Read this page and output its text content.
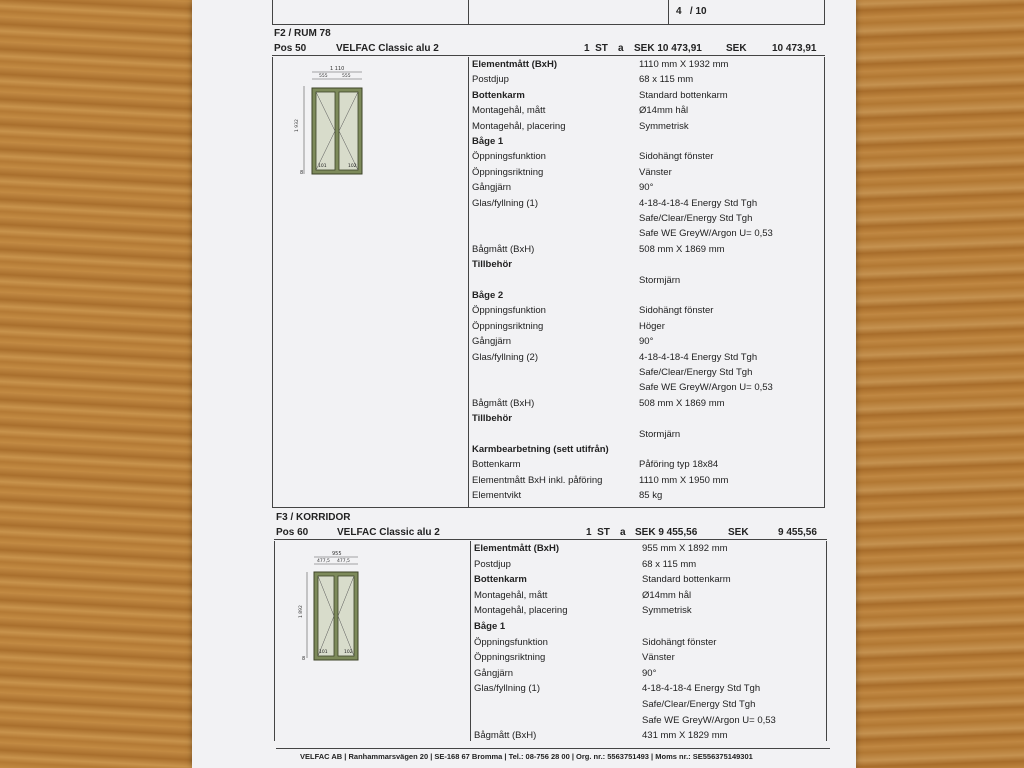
4 / 10
F2 / RUM 78
Pos 50	VELFAC Classic alu 2	1 ST a SEK 10 473,91 SEK	10 473,91
1 110
555	555
1 932
8
101	102
Elementmått (BxH)	1110 mm X 1932 mm
Postdjup	68 x 115 mm
Bottenkarm	Standard bottenkarm
Montagehål, mått	Ø14mm hål
Montagehål, placering	Symmetrisk
Båge 1
Öppningsfunktion	Sidohängt fönster
Öppningsriktning	Vänster
Gångjärn	90°
Glas/fyllning (1)	4-18-4-18-4 Energy Std Tgh
Safe/Clear/Energy Std Tgh
Safe WE GreyW/Argon U= 0,53
Bågmått (BxH)	508 mm X 1869 mm
Tillbehör
Stormjärn
Båge 2
Öppningsfunktion	Sidohängt fönster
Öppningsriktning	Höger
Gångjärn	90°
Glas/fyllning (2)	4-18-4-18-4 Energy Std Tgh
Safe/Clear/Energy Std Tgh
Safe WE GreyW/Argon U= 0,53
Bågmått (BxH)	508 mm X 1869 mm
Tillbehör
Stormjärn
Karmbearbetning (sett utifrån)
Bottenkarm	Påföring typ 18x84
Elementmått BxH inkl. påföring	1110 mm X 1950 mm
Elementvikt	85 kg
F3 / KORRIDOR
Pos 60	VELFAC Classic alu 2	1 ST a SEK 9 455,56	SEK	9 455,56
955
477,5 477,5
1 892
8
101	102
Elementmått (BxH)	955 mm X 1892 mm
Postdjup	68 x 115 mm
Bottenkarm	Standard bottenkarm
Montagehål, mått	Ø14mm hål
Montagehål, placering	Symmetrisk
Båge 1
Öppningsfunktion	Sidohängt fönster
Öppningsriktning	Vänster
Gångjärn	90°
Glas/fyllning (1)	4-18-4-18-4 Energy Std Tgh
Safe/Clear/Energy Std Tgh
Safe WE GreyW/Argon U= 0,53
Bågmått (BxH)	431 mm X 1829 mm
VELFAC AB | Ranhammarsvägen 20 | SE-168 67 Bromma | Tel.: 08-756 28 00 | Org. nr.: 5563751493 | Moms nr.: SE556375149301
